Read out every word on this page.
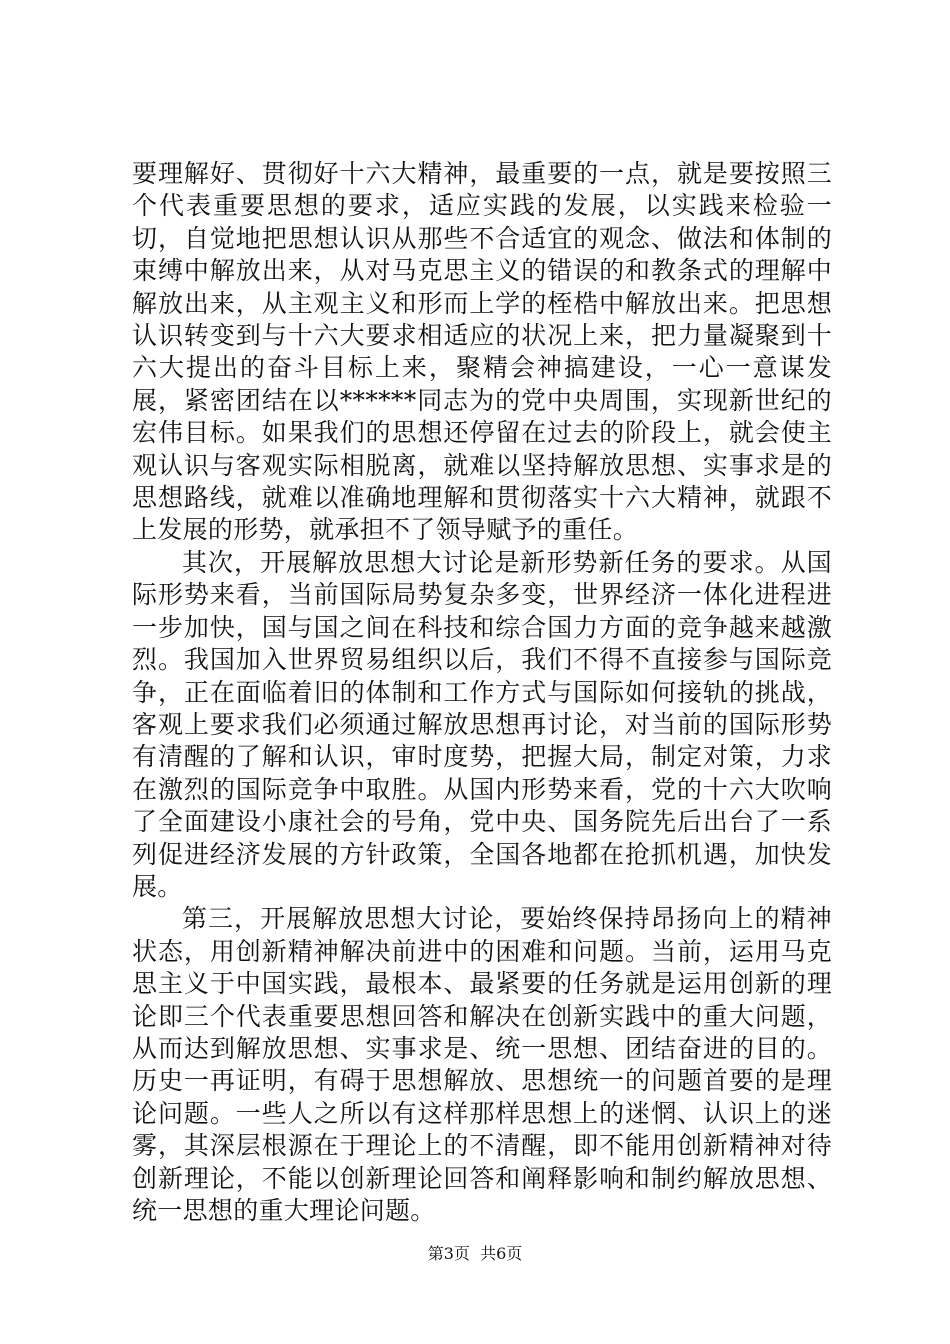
要理解好、贯彻好十六大精神，最重要的一点，就是要按照三个代表重要思想的要求，适应实践的发展，以实践来检验一切，自觉地把思想认识从那些不合适宜的观念、做法和体制的束缚中解放出来，从对马克思主义的错误的和教条式的理解中解放出来，从主观主义和形而上学的桎梏中解放出来。把思想认识转变到与十六大要求相适应的状况上来，把力量凝聚到十六大提出的奋斗目标上来，聚精会神搞建设，一心一意谋发展，紧密团结在以******同志为的党中央周围，实现新世纪的宏伟目标。如果我们的思想还停留在过去的阶段上，就会使主观认识与客观实际相脱离，就难以坚持解放思想、实事求是的思想路线，就难以准确地理解和贯彻落实十六大精神，就跟不上发展的形势，就承担不了领导赋予的重任。

其次，开展解放思想大讨论是新形势新任务的要求。从国际形势来看，当前国际局势复杂多变，世界经济一体化进程进一步加快，国与国之间在科技和综合国力方面的竞争越来越激烈。我国加入世界贸易组织以后，我们不得不直接参与国际竞争，正在面临着旧的体制和工作方式与国际如何接轨的挑战，客观上要求我们必须通过解放思想再讨论，对当前的国际形势有清醒的了解和认识，审时度势，把握大局，制定对策，力求在激烈的国际竞争中取胜。从国内形势来看，党的十六大吹响了全面建设小康社会的号角，党中央、国务院先后出台了一系列促进经济发展的方针政策，全国各地都在抢抓机遇，加快发展。

第三，开展解放思想大讨论，要始终保持昂扬向上的精神状态，用创新精神解决前进中的困难和问题。当前，运用马克思主义于中国实践，最根本、最紧要的任务就是运用创新的理论即三个代表重要思想回答和解决在创新实践中的重大问题，从而达到解放思想、实事求是、统一思想、团结奋进的目的。历史一再证明，有碍于思想解放、思想统一的问题首要的是理论问题。一些人之所以有这样那样思想上的迷惘、认识上的迷雾，其深层根源在于理论上的不清醒，即不能用创新精神对待创新理论，不能以创新理论回答和阐释影响和制约解放思想、统一思想的重大理论问题。

第3页 共6页
